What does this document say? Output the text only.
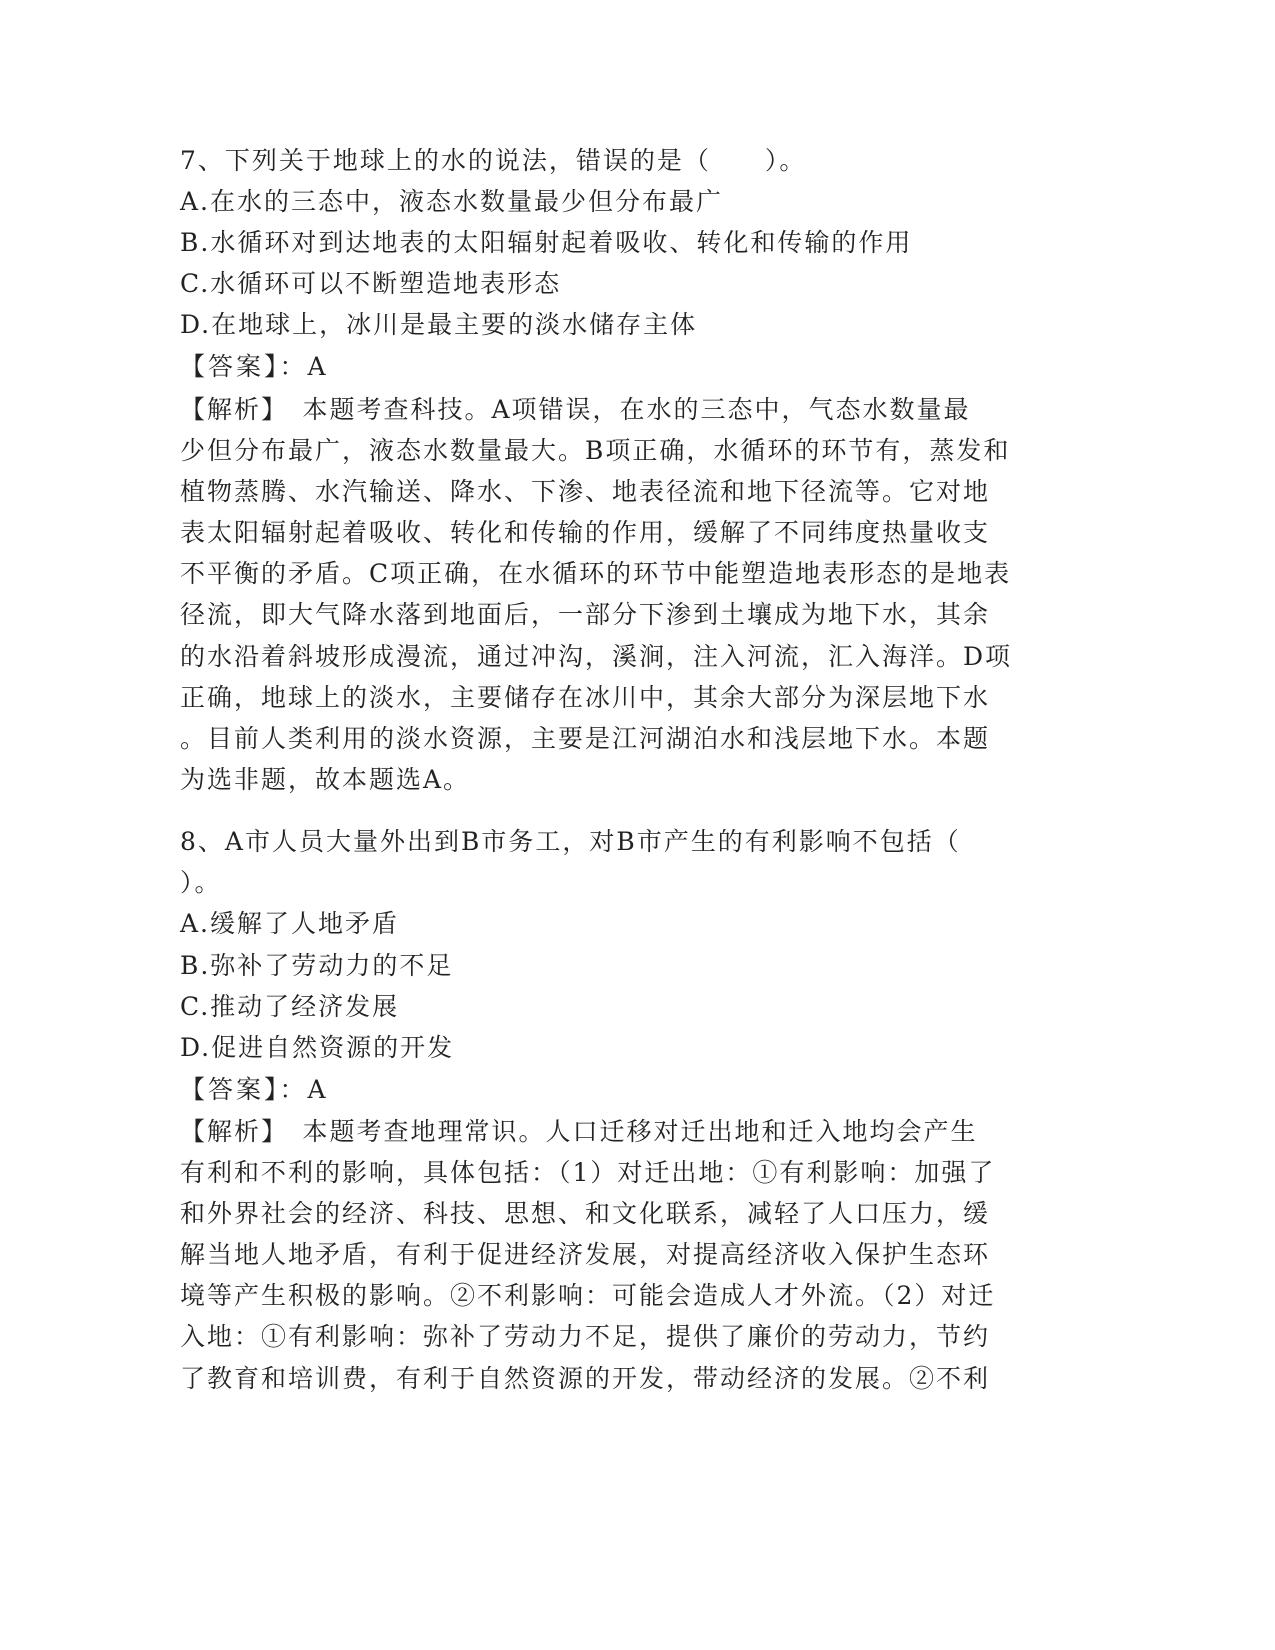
7、下列关于地球上的水的说法，错误的是（　　）。
A.在水的三态中，液态水数量最少但分布最广
B.水循环对到达地表的太阳辐射起着吸收、转化和传输的作用
C.水循环可以不断塑造地表形态
D.在地球上，冰川是最主要的淡水储存主体
【答案】：A
【解析】　本题考查科技。A项错误，在水的三态中，气态水数量最
少但分布最广，液态水数量最大。B项正确，水循环的环节有，蒸发和
植物蒸腾、水汽输送、降水、下渗、地表径流和地下径流等。它对地
表太阳辐射起着吸收、转化和传输的作用，缓解了不同纬度热量收支
不平衡的矛盾。C项正确，在水循环的环节中能塑造地表形态的是地表
径流，即大气降水落到地面后，一部分下渗到土壤成为地下水，其余
的水沿着斜坡形成漫流，通过冲沟，溪涧，注入河流，汇入海洋。D项
正确，地球上的淡水，主要储存在冰川中，其余大部分为深层地下水
。目前人类利用的淡水资源，主要是江河湖泊水和浅层地下水。本题
为选非题，故本题选A。
8、A市人员大量外出到B市务工，对B市产生的有利影响不包括（
）。
A.缓解了人地矛盾
B.弥补了劳动力的不足
C.推动了经济发展
D.促进自然资源的开发
【答案】：A
【解析】　本题考查地理常识。人口迁移对迁出地和迁入地均会产生
有利和不利的影响，具体包括：（1）对迁出地：①有利影响：加强了
和外界社会的经济、科技、思想、和文化联系，减轻了人口压力，缓
解当地人地矛盾，有利于促进经济发展，对提高经济收入保护生态环
境等产生积极的影响。②不利影响：可能会造成人才外流。（2）对迁
入地：①有利影响：弥补了劳动力不足，提供了廉价的劳动力，节约
了教育和培训费，有利于自然资源的开发，带动经济的发展。②不利
